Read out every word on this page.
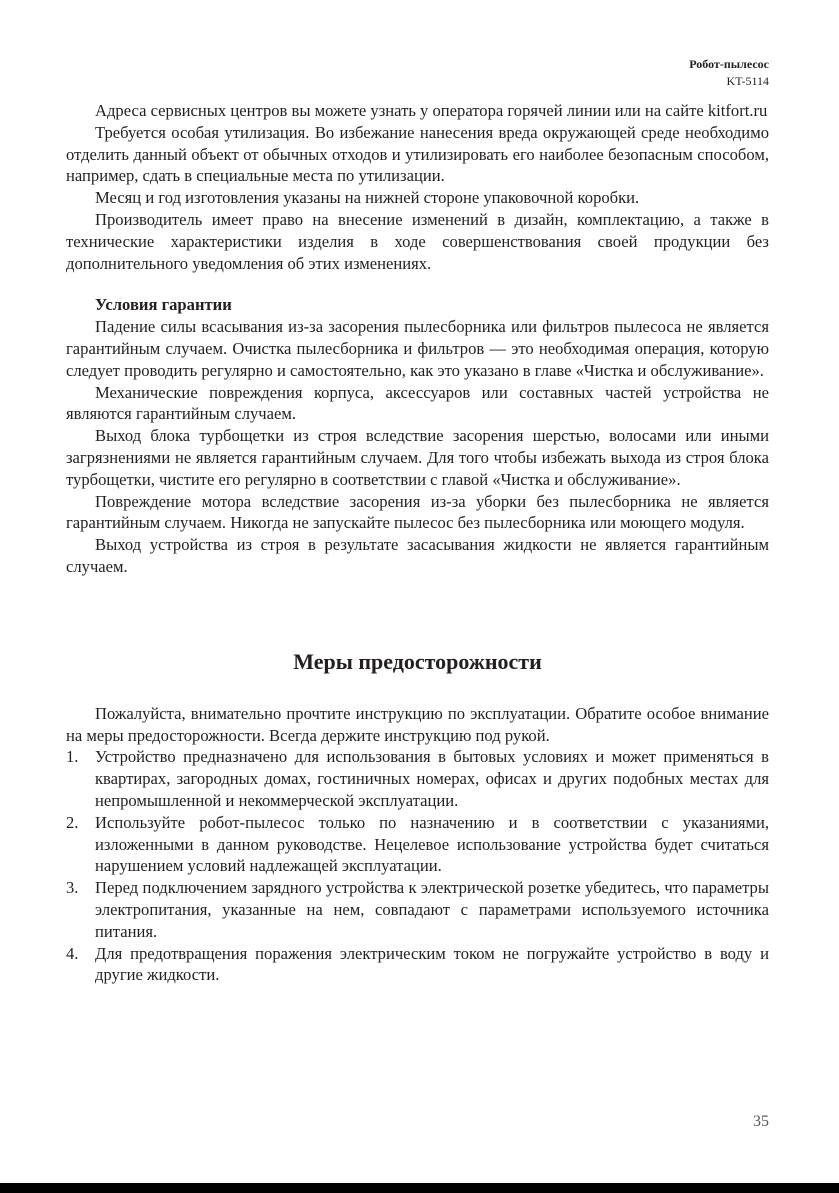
Робот-пылесос
KT-5114

Адреса сервисных центров вы можете узнать у оператора горячей линии или на сайте kitfort.ru

Требуется особая утилизация. Во избежание нанесения вреда окружающей среде необходимо отделить данный объект от обычных отходов и утилизировать его наиболее безопасным способом, например, сдать в специальные места по утилизации.

Месяц и год изготовления указаны на нижней стороне упаковочной коробки.

Производитель имеет право на внесение изменений в дизайн, комплектацию, а также в технические характеристики изделия в ходе совершенствования своей продукции без дополнительного уведомления об этих изменениях.

Условия гарантии

Падение силы всасывания из-за засорения пылесборника или фильтров пылесоса не является гарантийным случаем. Очистка пылесборника и фильтров — это необходимая операция, которую следует проводить регулярно и самостоятельно, как это указано в главе «Чистка и обслуживание».

Механические повреждения корпуса, аксессуаров или составных частей устройства не являются гарантийным случаем.

Выход блока турбощетки из строя вследствие засорения шерстью, волосами или иными загрязнениями не является гарантийным случаем. Для того чтобы избежать выхода из строя блока турбощетки, чистите его регулярно в соответствии с главой «Чистка и обслуживание».

Повреждение мотора вследствие засорения из-за уборки без пылесборника не является гарантийным случаем. Никогда не запускайте пылесос без пылесборника или моющего модуля.

Выход устройства из строя в результате засасывания жидкости не является гарантийным случаем.

Меры предосторожности

Пожалуйста, внимательно прочтите инструкцию по эксплуатации. Обратите особое внимание на меры предосторожности. Всегда держите инструкцию под рукой.

1. Устройство предназначено для использования в бытовых условиях и может применяться в квартирах, загородных домах, гостиничных номерах, офисах и других подобных местах для непромышленной и некоммерческой эксплуатации.
2. Используйте робот-пылесос только по назначению и в соответствии с указаниями, изложенными в данном руководстве. Нецелевое использование устройства будет считаться нарушением условий надлежащей эксплуатации.
3. Перед подключением зарядного устройства к электрической розетке убедитесь, что параметры электропитания, указанные на нем, совпадают с параметрами используемого источника питания.
4. Для предотвращения поражения электрическим током не погружайте устройство в воду и другие жидкости.
35
